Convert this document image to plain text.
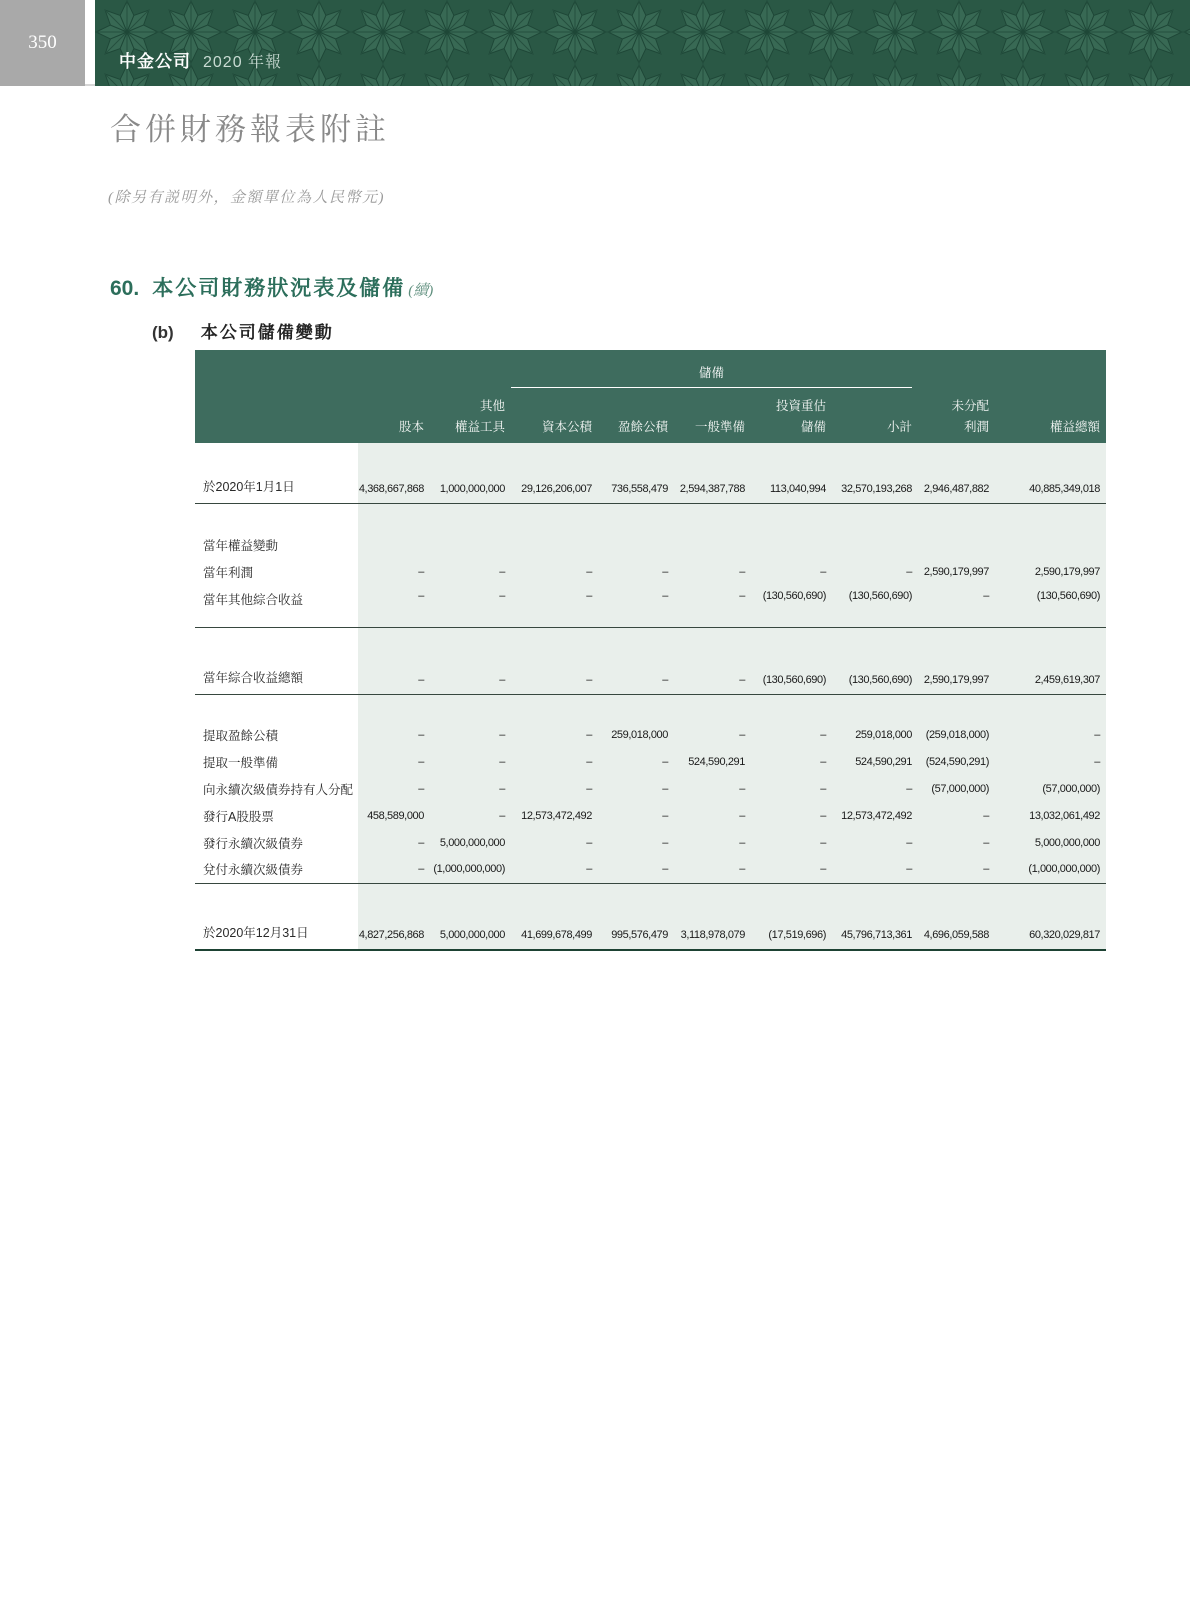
350
中金公司 2020 年報
合併財務報表附註
(除另有説明外，金額單位為人民幣元)
60. 本公司財務狀況表及儲備 (續)
(b) 本公司儲備變動

			儲備						

		其他				投資重估		未分配	
	股本	權益工具	資本公積	盈餘公積	一般準備	儲備	小計	利潤	權益總額
於2020年1月1日	4,368,667,868	1,000,000,000	29,126,206,007	736,558,479	2,594,387,788	113,040,994	32,570,193,268	2,946,487,882	40,885,349,018

當年權益變動									
當年利潤	–	–	–	–	–	–	–	2,590,179,997	2,590,179,997
當年其他綜合收益	–	–	–	–	–	(130,560,690)	(130,560,690)	–	(130,560,690)

當年綜合收益總額	–	–	–	–	–	(130,560,690)	(130,560,690)	2,590,179,997	2,459,619,307

提取盈餘公積	–	–	–	259,018,000	–	–	259,018,000	(259,018,000)	–
提取一般準備	–	–	–	–	524,590,291	–	524,590,291	(524,590,291)	–
向永續次級債券持有人分配	–	–	–	–	–	–	–	(57,000,000)	(57,000,000)
發行A股股票	458,589,000	–	12,573,472,492	–	–	–	12,573,472,492	–	13,032,061,492
發行永續次級債券	–	5,000,000,000	–	–	–	–	–	–	5,000,000,000
兌付永續次級債券	–	(1,000,000,000)	–	–	–	–	–	–	(1,000,000,000)

於2020年12月31日	4,827,256,868	5,000,000,000	41,699,678,499	995,576,479	3,118,978,079	(17,519,696)	45,796,713,361	4,696,059,588	60,320,029,817
